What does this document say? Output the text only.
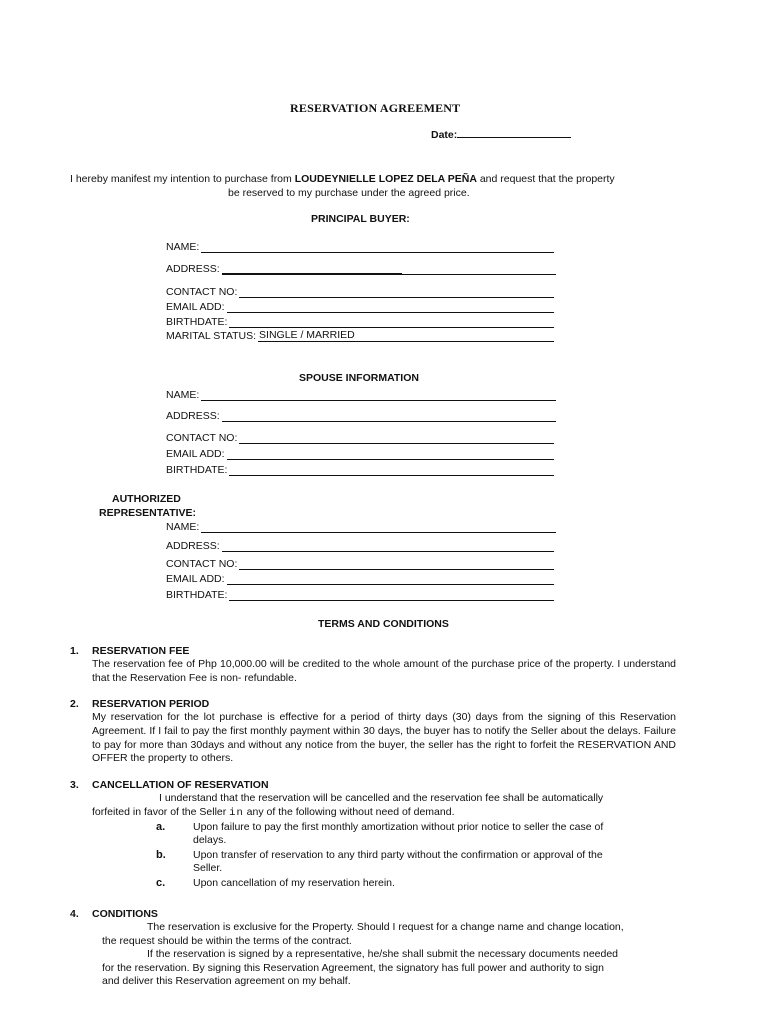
RESERVATION AGREEMENT
Date:
I hereby manifest my intention to purchase from LOUDEYNIELLE LOPEZ DELA PEÑA and request that the property
be reserved to my purchase under the agreed price.
PRINCIPAL BUYER:
NAME:
ADDRESS:
CONTACT NO:
EMAIL ADD:
BIRTHDATE:
MARITAL STATUS: SINGLE / MARRIED
SPOUSE INFORMATION
NAME:
ADDRESS:
CONTACT NO:
EMAIL ADD:
BIRTHDATE:
AUTHORIZED
REPRESENTATIVE:
NAME:
ADDRESS:
CONTACT NO:
EMAIL ADD:
BIRTHDATE:
TERMS AND CONDITIONS
1. RESERVATION FEE
The reservation fee of Php 10,000.00 will be credited to the whole amount of the purchase price of the property. I understand that the Reservation Fee is non- refundable.
2. RESERVATION PERIOD
My reservation for the lot purchase is effective for a period of thirty days (30) days from the signing of this Reservation Agreement. If I fail to pay the first monthly payment within 30 days, the buyer has to notify the Seller about the delays. Failure to pay for more than 30days and without any notice from the buyer, the seller has the right to forfeit the RESERVATION AND OFFER the property to others.
3. CANCELLATION OF RESERVATION
I understand that the reservation will be cancelled and the reservation fee shall be automatically
forfeited in favor of the Seller in any of the following without need of demand.
a.	Upon failure to pay the first monthly amortization without prior notice to seller the case of
delays.
b.	Upon transfer of reservation to any third party without the confirmation or approval of the
Seller.
c.	Upon cancellation of my reservation herein.
4. CONDITIONS
The reservation is exclusive for the Property. Should I request for a change name and change location,
the request should be within the terms of the contract.
If the reservation is signed by a representative, he/she shall submit the necessary documents needed
for the reservation. By signing this Reservation Agreement, the signatory has full power and authority to sign
and deliver this Reservation agreement on my behalf.
